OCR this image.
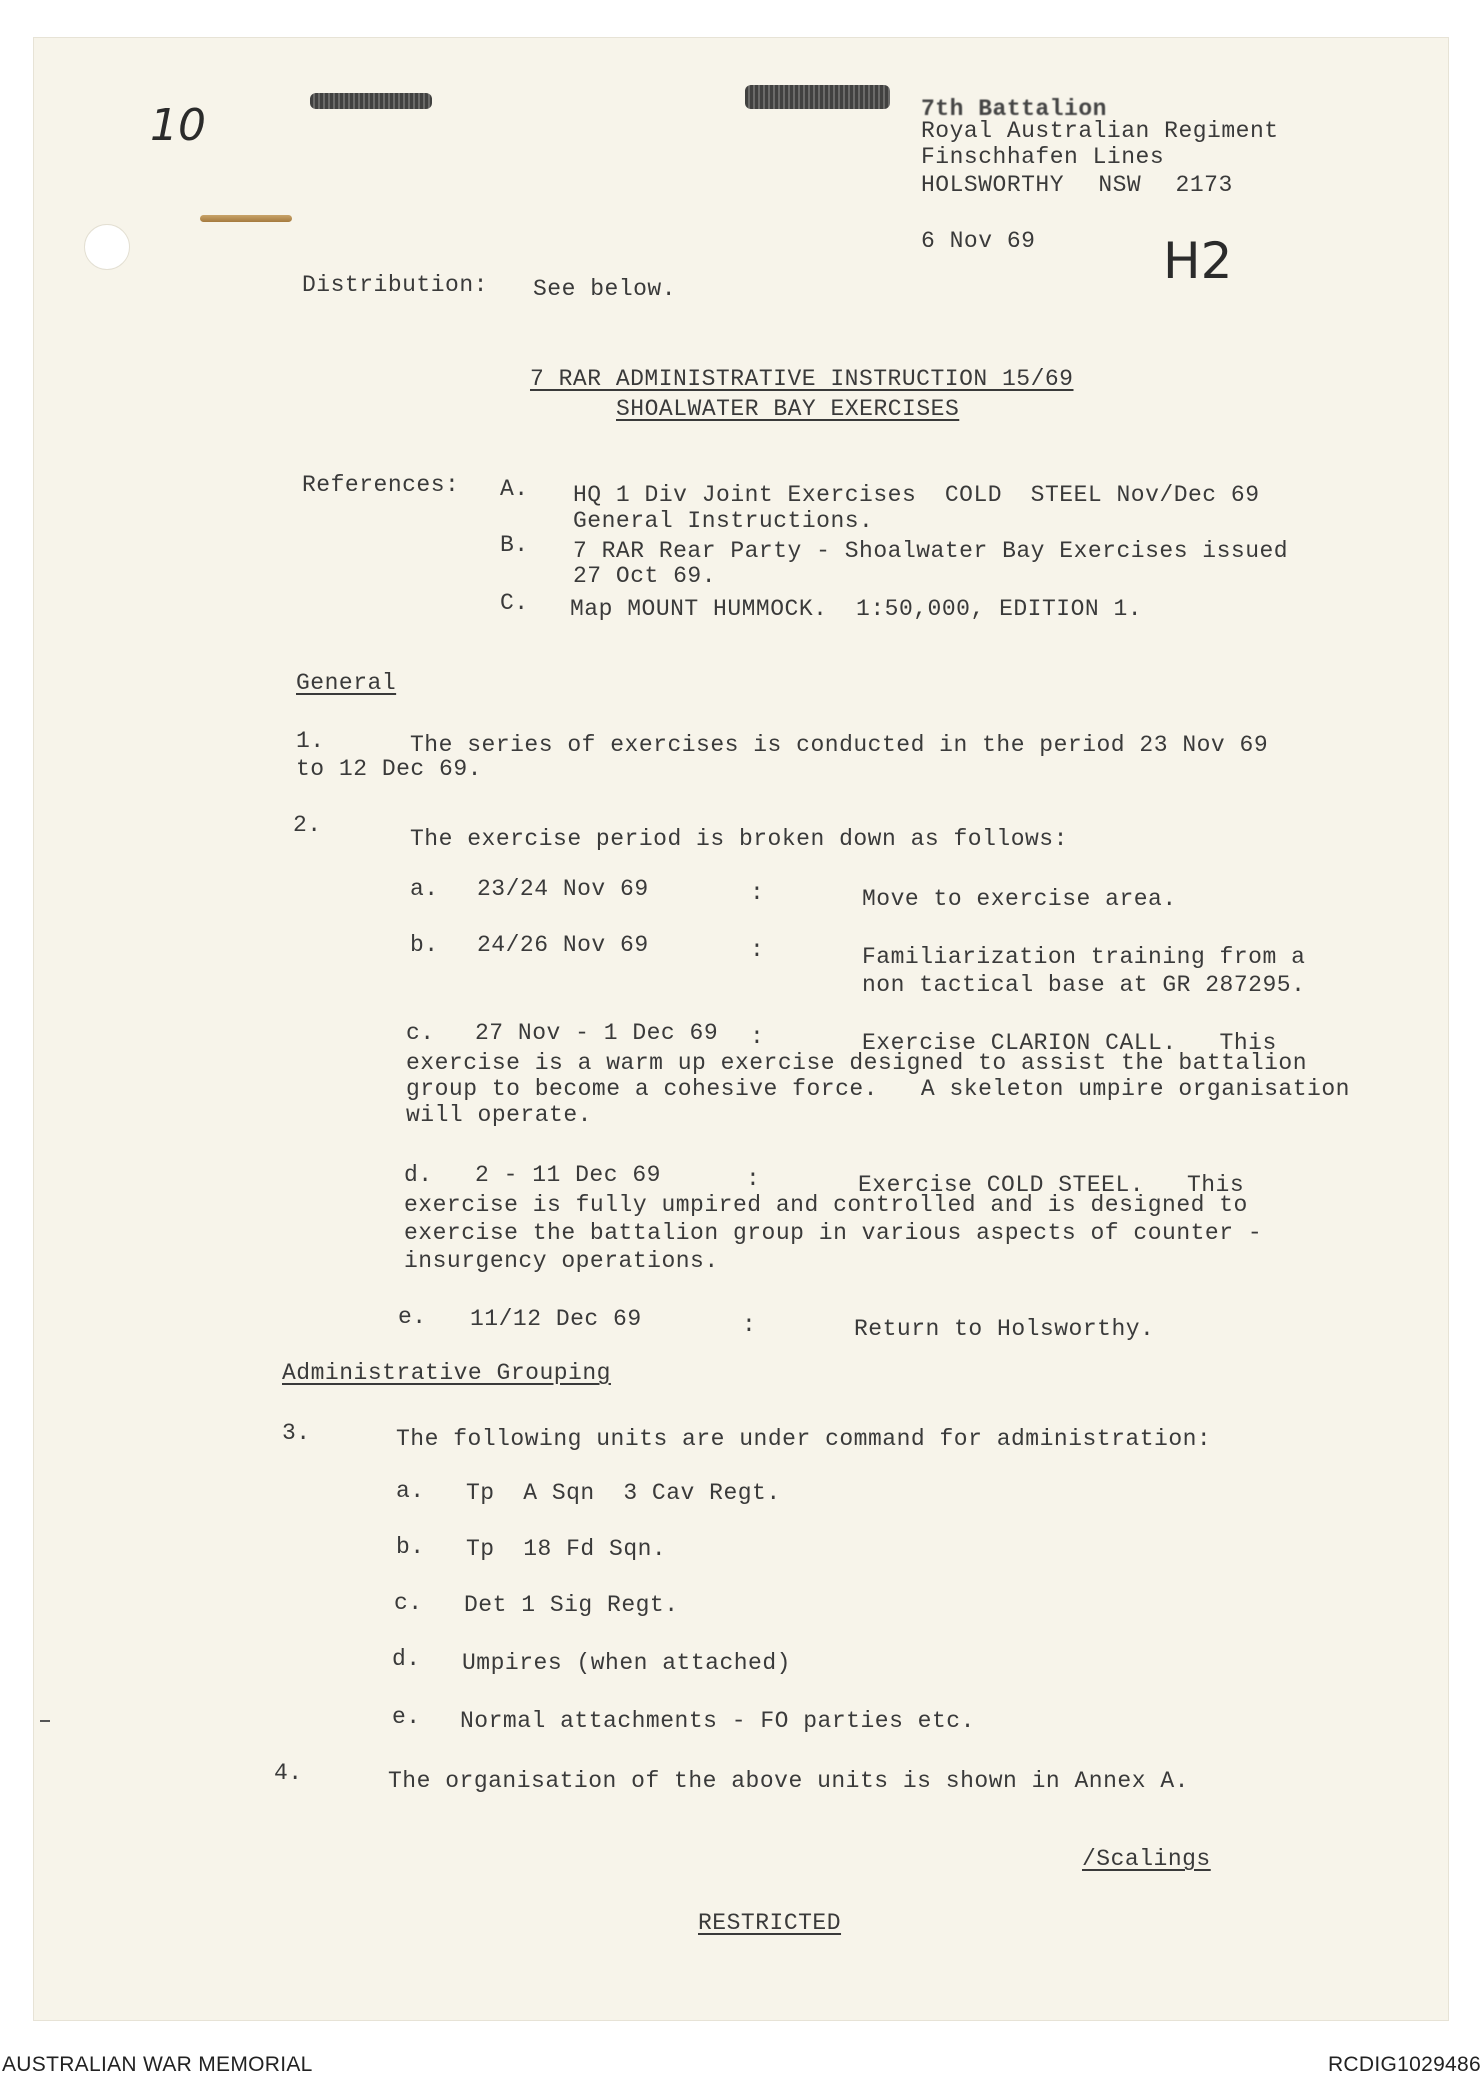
10
H2
7th Battalion
Royal Australian Regiment
Finschhafen Lines
HOLSWORTHY NSW 2173
6 Nov 69
Distribution: See below.
7 RAR ADMINISTRATIVE INSTRUCTION 15/69
SHOALWATER BAY EXERCISES
References: A. HQ 1 Div Joint Exercises  COLD  STEEL Nov/Dec 69
General Instructions.
B. 7 RAR Rear Party - Shoalwater Bay Exercises issued
27 Oct 69.
C. Map MOUNT HUMMOCK.  1:50,000, EDITION 1.
General
1.	The series of exercises is conducted in the period 23 Nov 69
to 12 Dec 69.
2.
The exercise period is broken down as follows:
a. 23/24 Nov 69	:	Move to exercise area.
b. 24/26 Nov 69	:	Familiarization training from a
non tactical base at GR 287295.
c. 27 Nov - 1 Dec 69 :	Exercise CLARION CALL.   This
exercise is a warm up exercise designed to assist the battalion
group to become a cohesive force.   A skeleton umpire organisation
will operate.
d. 2 - 11 Dec 69	:	Exercise COLD STEEL.   This
exercise is fully umpired and controlled and is designed to
exercise the battalion group in various aspects of counter -
insurgency operations.
e. 11/12 Dec 69	:	Return to Holsworthy.
Administrative Grouping
3.	The following units are under command for administration:
a. Tp  A Sqn  3 Cav Regt.
b. Tp  18 Fd Sqn.
c. Det 1 Sig Regt.
d. Umpires (when attached)
e. Normal attachments - FO parties etc.
4.	The organisation of the above units is shown in Annex A.
/Scalings
RESTRICTED
AUSTRALIAN WAR MEMORIAL	RCDIG1029486
